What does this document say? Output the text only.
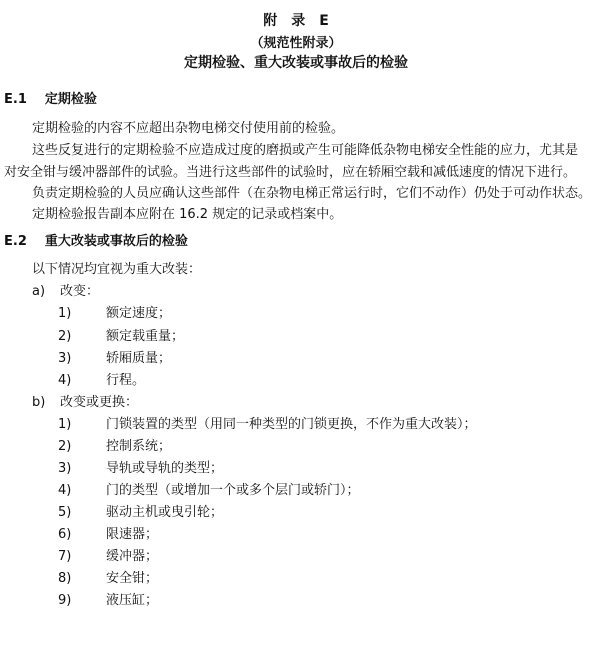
附　录　E
（规范性附录）
定期检验、重大改装或事故后的检验
E.1 定期检验
定期检验的内容不应超出杂物电梯交付使用前的检验。
这些反复进行的定期检验不应造成过度的磨损或产生可能降低杂物电梯安全性能的应力，尤其是
对安全钳与缓冲器部件的试验。当进行这些部件的试验时，应在轿厢空载和减低速度的情况下进行。
负责定期检验的人员应确认这些部件（在杂物电梯正常运行时，它们不动作）仍处于可动作状态。
定期检验报告副本应附在 16.2 规定的记录或档案中。
E.2 重大改装或事故后的检验
以下情况均宜视为重大改装：
a) 改变：
1)	额定速度；
2)	额定载重量；
3)	轿厢质量；
4)	行程。
b) 改变或更换：
1)	门锁装置的类型（用同一种类型的门锁更换，不作为重大改装）；
2)	控制系统；
3)	导轨或导轨的类型；
4)	门的类型（或增加一个或多个层门或轿门）；
5)	驱动主机或曳引轮；
6)	限速器；
7)	缓冲器；
8)	安全钳；
9)	液压缸；
